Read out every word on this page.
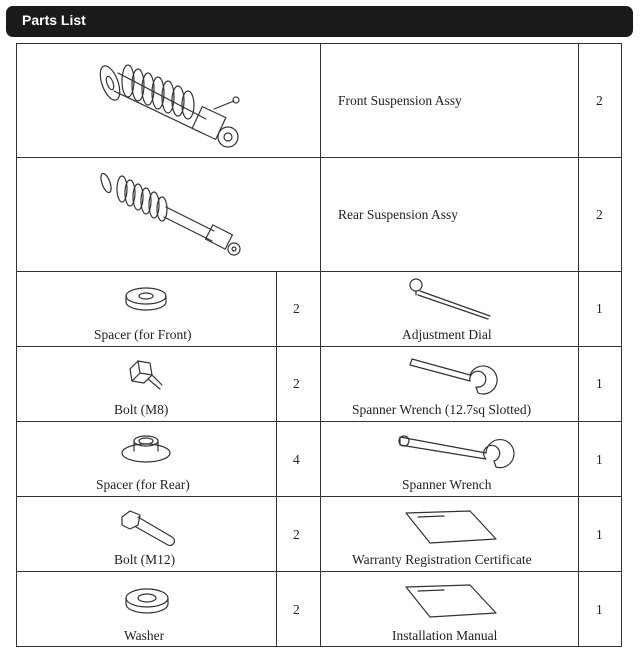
Parts List
Front Suspension Assy	2
Rear Suspension Assy	2
Spacer (for Front)
2
Adjustment Dial
1
Bolt (M8)
2
Spanner Wrench (12.7sq Slotted)
1
Spacer (for Rear)
4
Spanner Wrench
1
Bolt (M12)
2
Warranty Registration Certificate
1
Washer
2
Installation Manual
1
